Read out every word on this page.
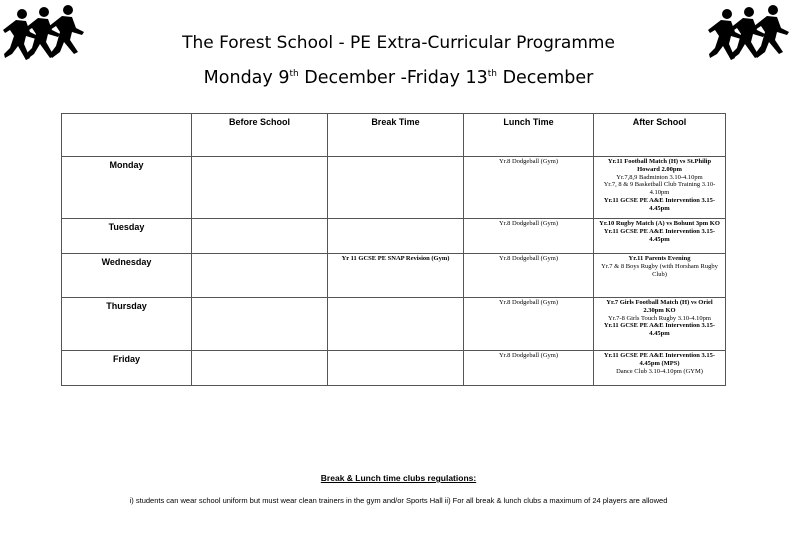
The Forest School - PE Extra-Curricular Programme
Monday 9th December -Friday 13th December
	Before School	Break Time	Lunch Time	After School
Monday			Yr.8 Dodgeball (Gym)	Yr.11 Football Match (H) vs St.Philip Howard 2.00pm
Yr.7,8,9 Badminton 3.10-4.10pm
Yr.7, 8 & 9 Basketball Club Training 3.10-4.10pm
Yr.11 GCSE PE A&E Intervention 3.15-4.45pm

Tuesday			Yr.8 Dodgeball (Gym)	Yr.10 Rugby Match (A) vs Bohunt 3pm KO
Yr.11 GCSE PE A&E Intervention 3.15-4.45pm

Wednesday		Yr 11 GCSE PE SNAP Revision (Gym)	Yr.8 Dodgeball (Gym)	Yr.11 Parents Evening
Yr.7 & 8 Boys Rugby (with Horsham Rugby Club)

Thursday			Yr.8 Dodgeball (Gym)	Yr.7 Girls Football Match (H) vs Oriel 2.30pm KO
Yr.7-8 Girls Touch Rugby 3.10-4.10pm
Yr.11 GCSE PE A&E Intervention 3.15-4.45pm

Friday			Yr.8 Dodgeball (Gym)	Yr.11 GCSE PE A&E Intervention 3.15-4.45pm (MPS)
Dance Club 3.10-4.10pm (GYM)
Break & Lunch time clubs regulations:
i) students can wear school uniform but must wear clean trainers in the gym and/or Sports Hall ii) For all break & lunch clubs a maximum of 24 players are allowed
